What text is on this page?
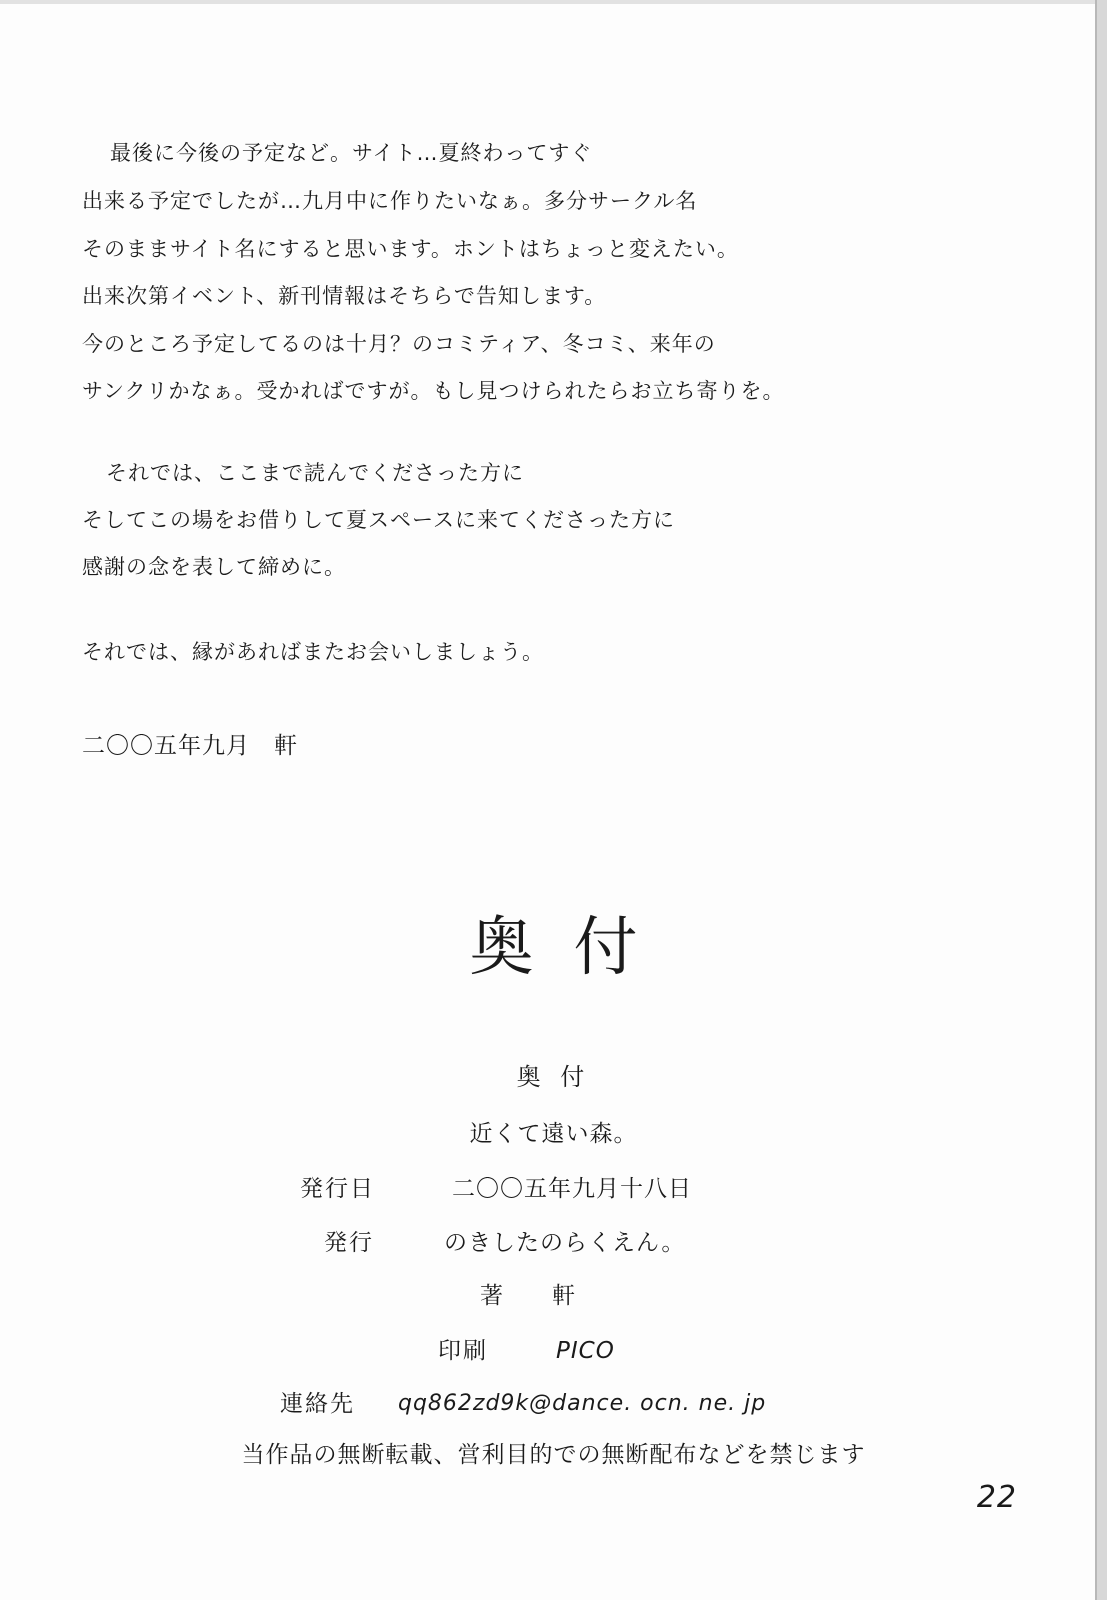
最後に今後の予定など。サイト…夏終わってすぐ
出来る予定でしたが…九月中に作りたいなぁ。多分サークル名
そのままサイト名にすると思います。ホントはちょっと変えたい。
出来次第イベント、新刊情報はそちらで告知します。
今のところ予定してるのは十月？のコミティア、冬コミ、来年の
サンクリかなぁ。受かればですが。もし見つけられたらお立ち寄りを。
それでは、ここまで読んでくださった方に
そしてこの場をお借りして夏スペースに来てくださった方に
感謝の念を表して締めに。
それでは、縁があればまたお会いしましょう。
二〇〇五年九月　軒
奥付
奥 付
近くて遠い森。
発行日	二〇〇五年九月十八日
発行	のきしたのらくえん。
著 軒
印刷	PICO
連絡先 qq862zd9k@dance. ocn. ne. jp
当作品の無断転載、営利目的での無断配布などを禁じます
22
